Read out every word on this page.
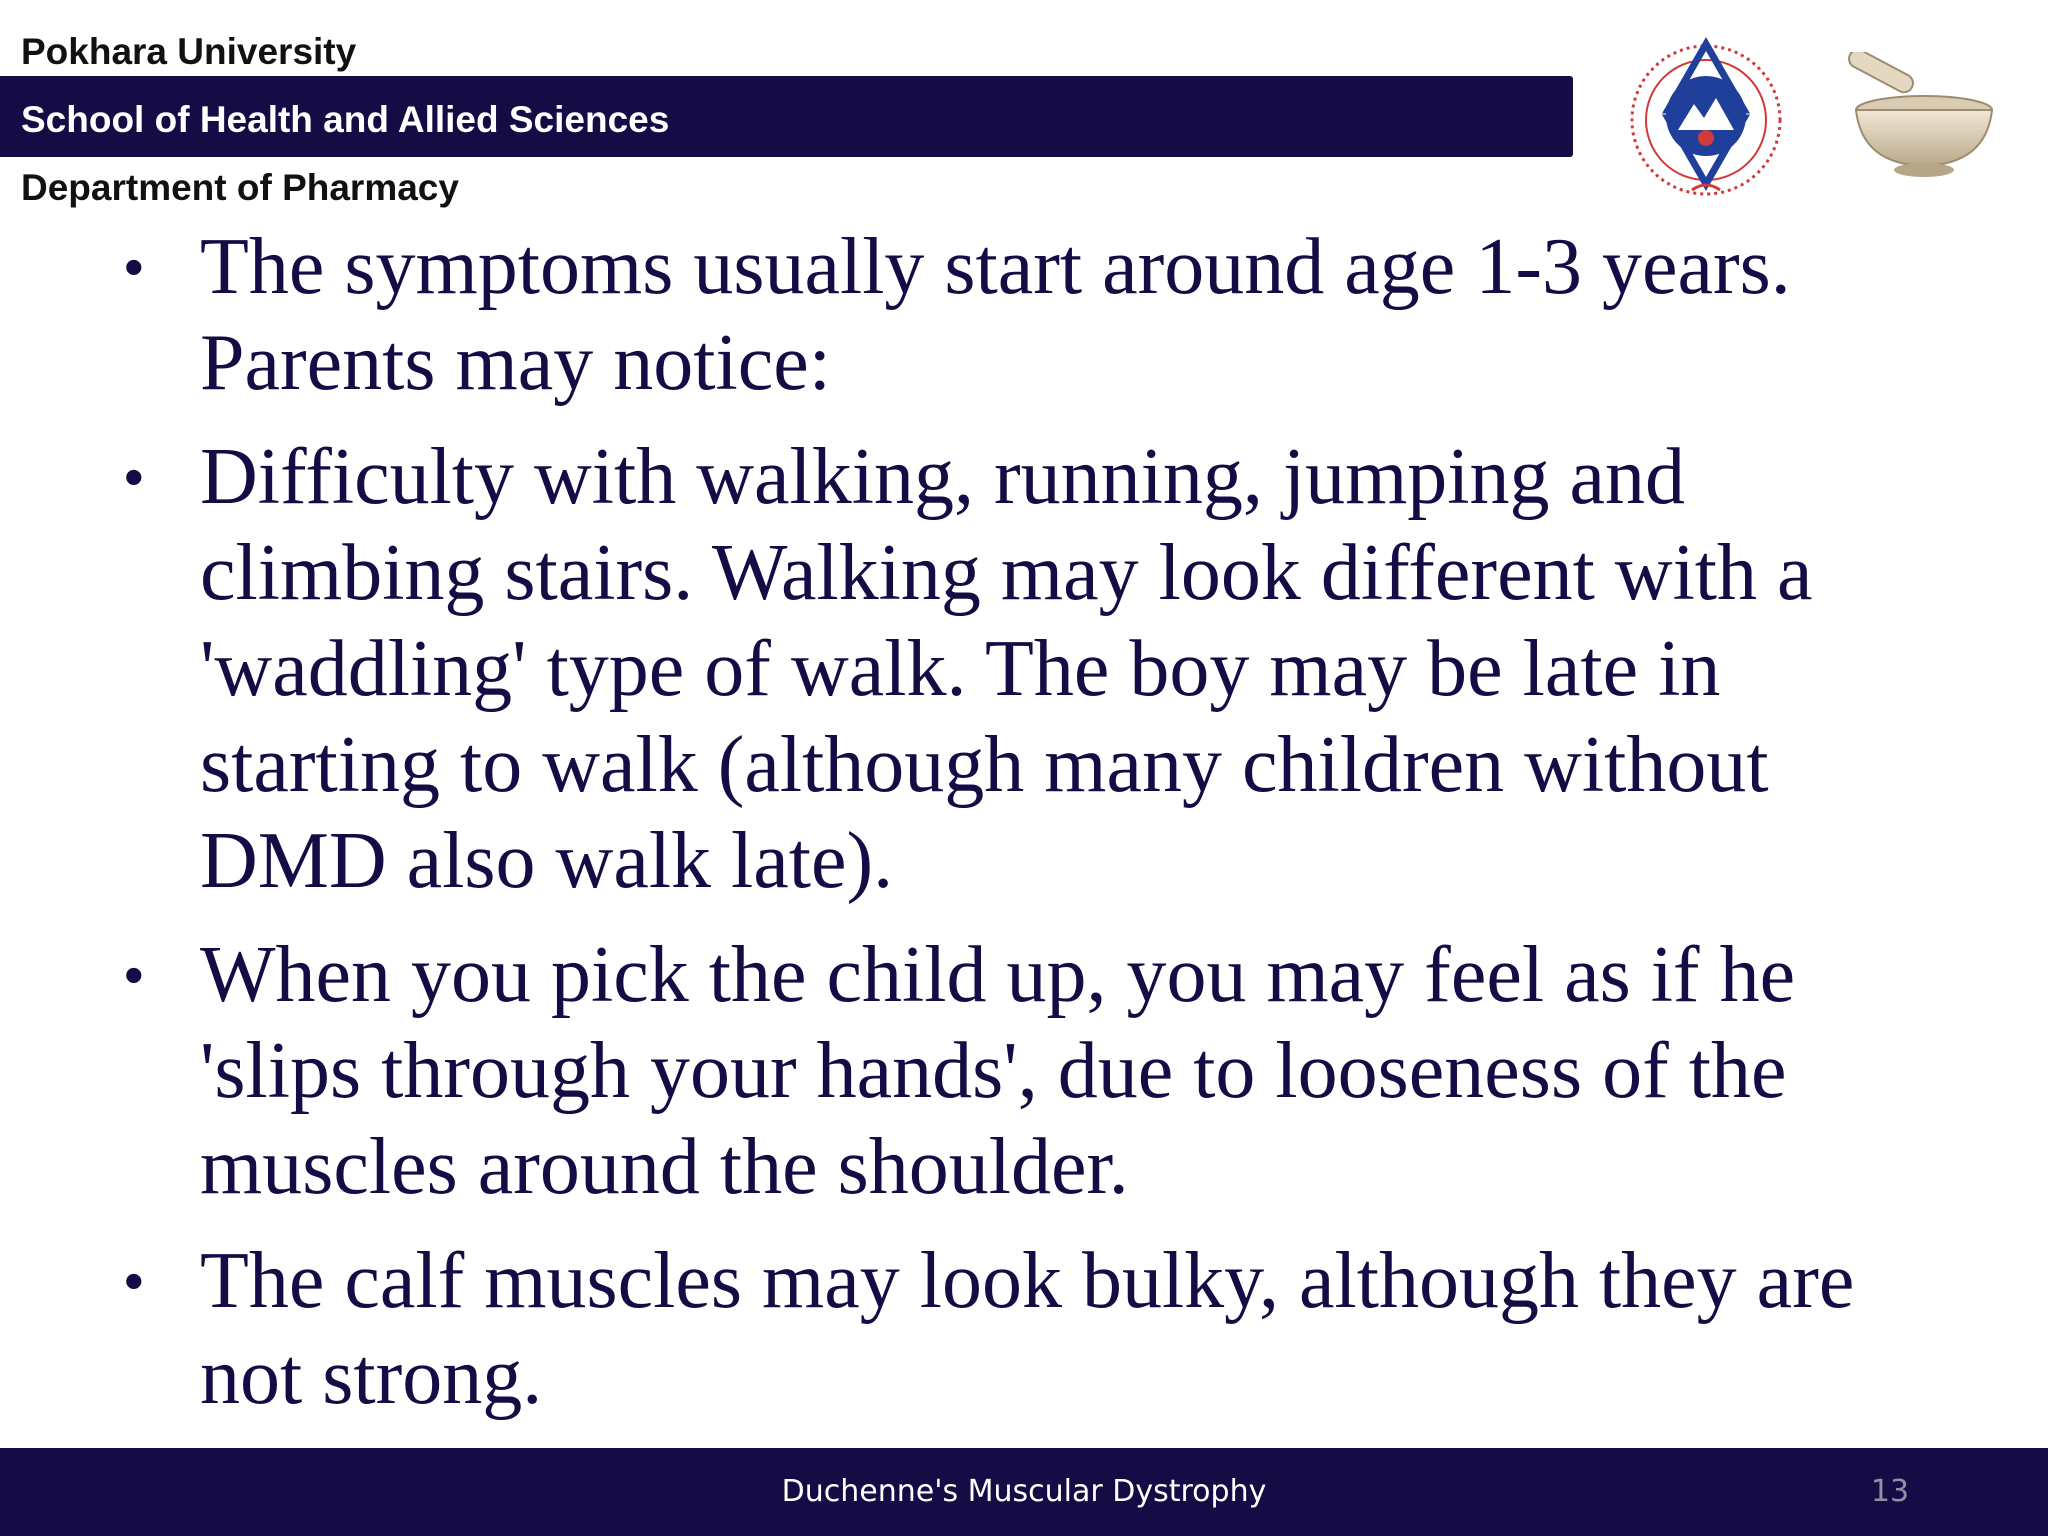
Pokhara University
School of Health and Allied Sciences
Department of Pharmacy
• The symptoms usually start around age 1-3 years. Parents may notice:
• Difficulty with walking, running, jumping and climbing stairs. Walking may look different with a 'waddling' type of walk. The boy may be late in starting to walk (although many children without DMD also walk late).
• When you pick the child up, you may feel as if he 'slips through your hands', due to looseness of the muscles around the shoulder.
• The calf muscles may look bulky, although they are not strong.
Duchenne's Muscular Dystrophy	13
